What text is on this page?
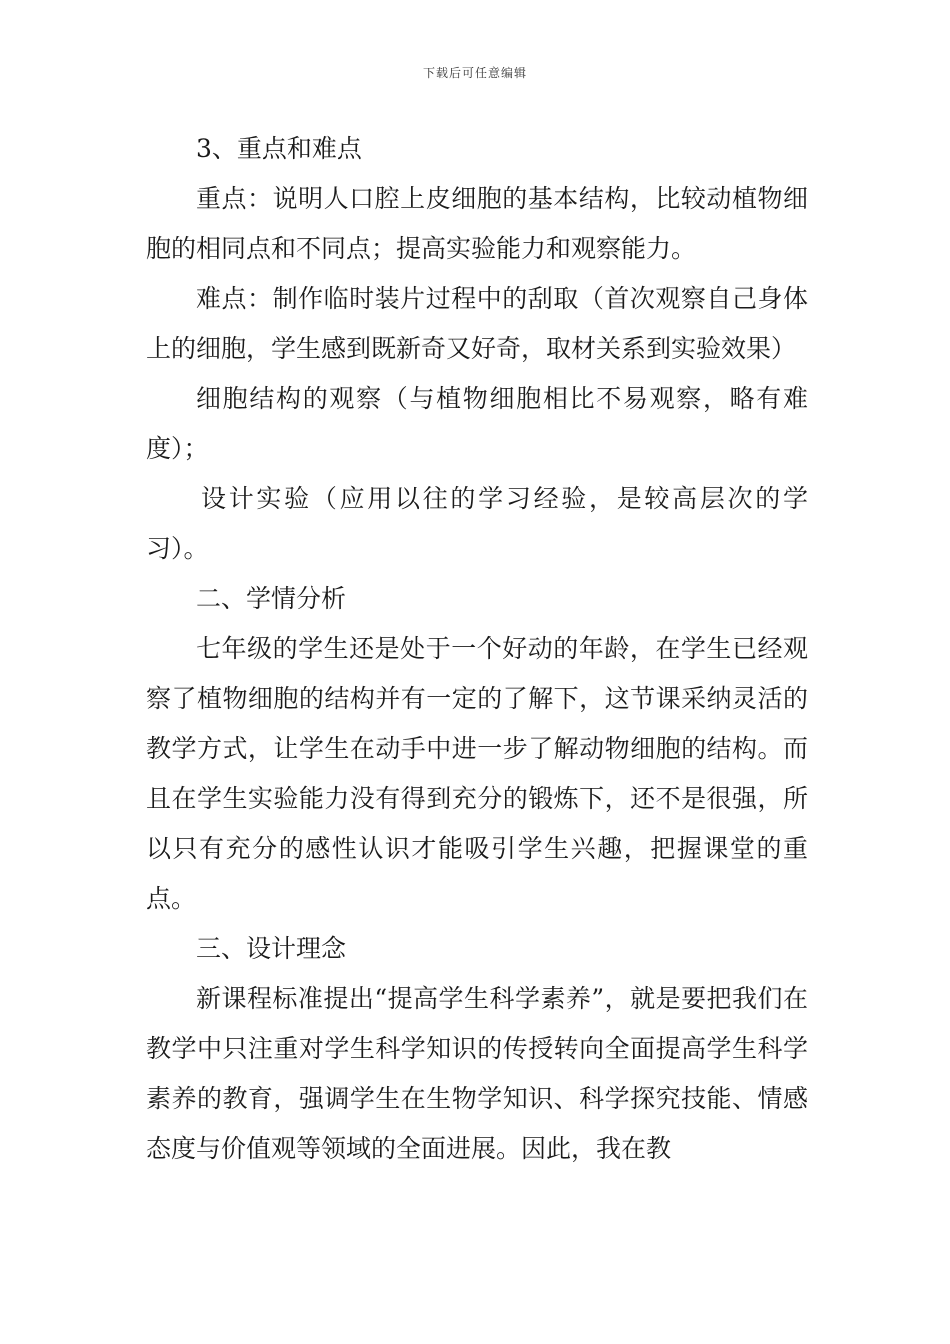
下载后可任意编辑

3、重点和难点

重点：说明人口腔上皮细胞的基本结构，比较动植物细胞的相同点和不同点；提高实验能力和观察能力。

难点：制作临时装片过程中的刮取（首次观察自己身体上的细胞，学生感到既新奇又好奇，取材关系到实验效果）

细胞结构的观察（与植物细胞相比不易观察，略有难度）；

设计实验（应用以往的学习经验，是较高层次的学习）。

二、学情分析

七年级的学生还是处于一个好动的年龄，在学生已经观察了植物细胞的结构并有一定的了解下，这节课采纳灵活的教学方式，让学生在动手中进一步了解动物细胞的结构。而且在学生实验能力没有得到充分的锻炼下，还不是很强，所以只有充分的感性认识才能吸引学生兴趣，把握课堂的重点。

三、设计理念

新课程标准提出“提高学生科学素养”，就是要把我们在教学中只注重对学生科学知识的传授转向全面提高学生科学素养的教育，强调学生在生物学知识、科学探究技能、情感态度与价值观等领域的全面进展。因此，我在教
